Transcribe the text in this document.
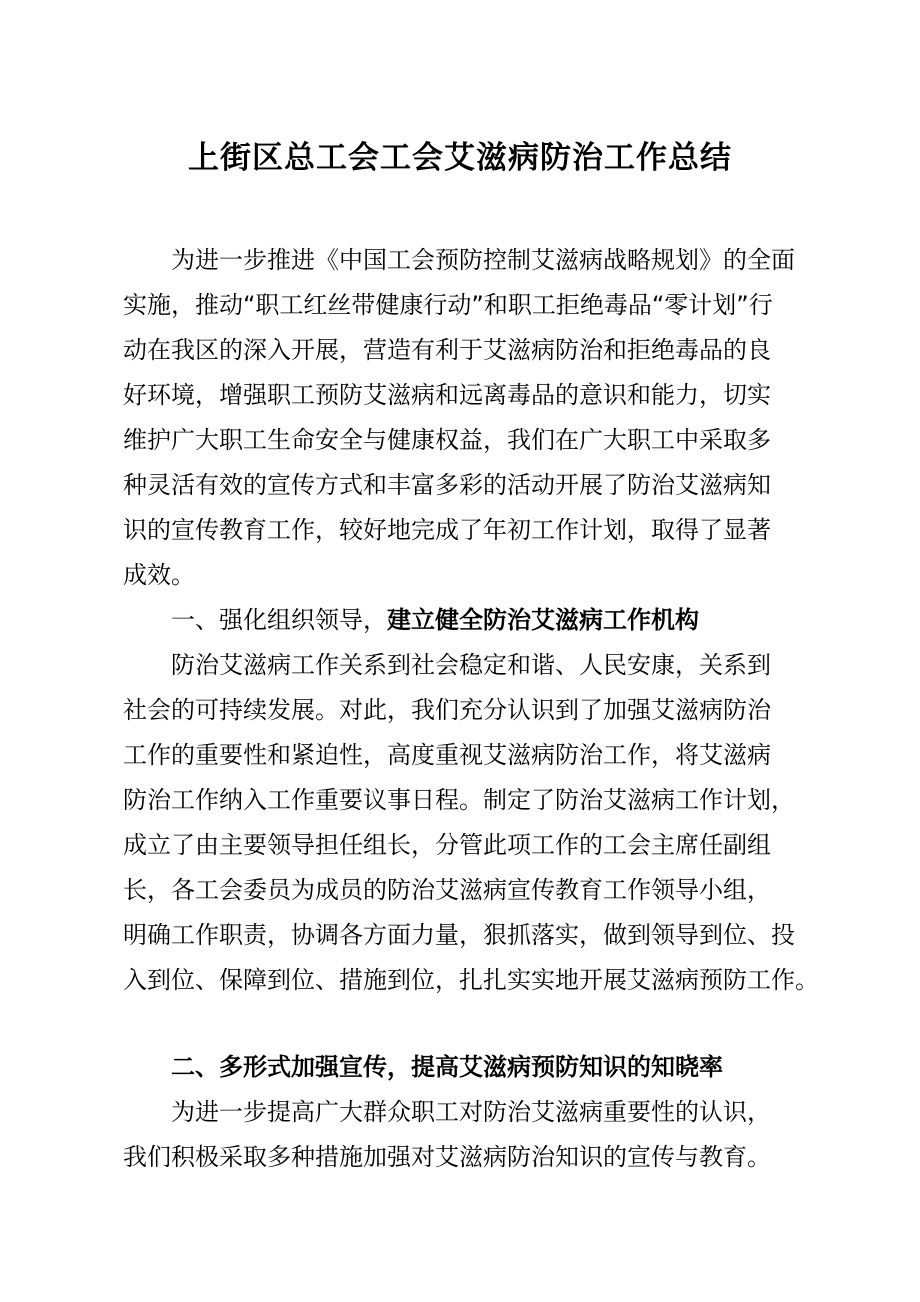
上街区总工会工会艾滋病防治工作总结
为进一步推进《中国工会预防控制艾滋病战略规划》的全面
实施，推动“职工红丝带健康行动”和职工拒绝毒品“零计划”行
动在我区的深入开展，营造有利于艾滋病防治和拒绝毒品的良
好环境，增强职工预防艾滋病和远离毒品的意识和能力，切实
维护广大职工生命安全与健康权益，我们在广大职工中采取多
种灵活有效的宣传方式和丰富多彩的活动开展了防治艾滋病知
识的宣传教育工作，较好地完成了年初工作计划，取得了显著
成效。
一、强化组织领导，建立健全防治艾滋病工作机构
防治艾滋病工作关系到社会稳定和谐、人民安康，关系到
社会的可持续发展。对此，我们充分认识到了加强艾滋病防治
工作的重要性和紧迫性，高度重视艾滋病防治工作，将艾滋病
防治工作纳入工作重要议事日程。制定了防治艾滋病工作计划，
成立了由主要领导担任组长，分管此项工作的工会主席任副组
长，各工会委员为成员的防治艾滋病宣传教育工作领导小组，
明确工作职责，协调各方面力量，狠抓落实，做到领导到位、投
入到位、保障到位、措施到位，扎扎实实地开展艾滋病预防工作。
二、多形式加强宣传，提高艾滋病预防知识的知晓率
为进一步提高广大群众职工对防治艾滋病重要性的认识，
我们积极采取多种措施加强对艾滋病防治知识的宣传与教育。
